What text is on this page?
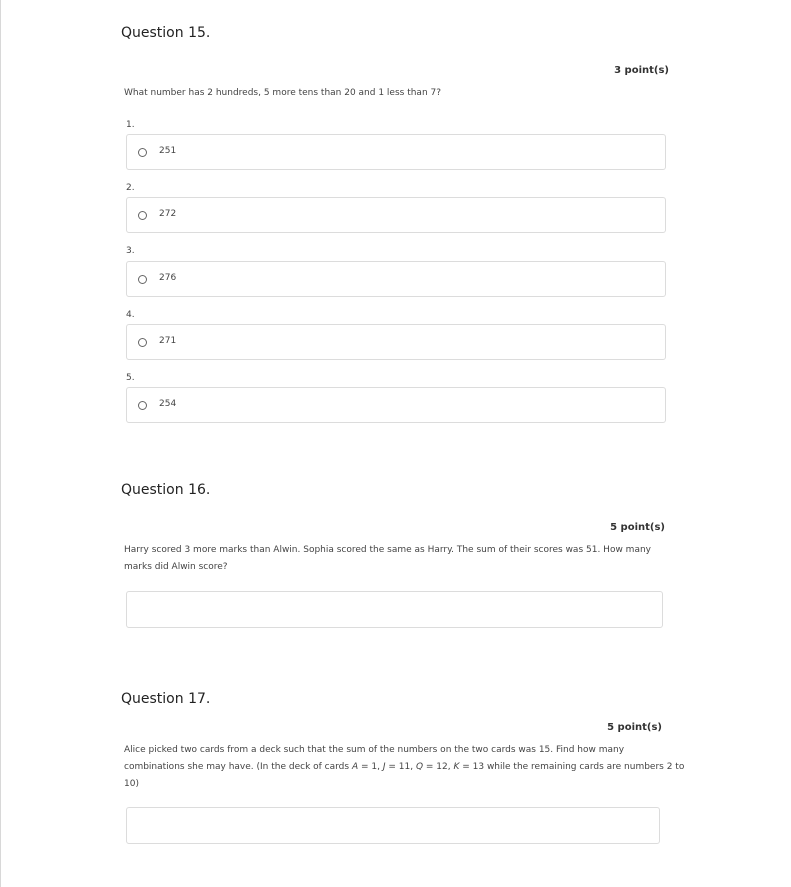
Question 15.
3 point(s)
What number has 2 hundreds, 5 more tens than 20 and 1 less than 7?
1.
251
2.
272
3.
276
4.
271
5.
254
Question 16.
5 point(s)
Harry scored 3 more marks than Alwin. Sophia scored the same as Harry. The sum of their scores was 51. How many
marks did Alwin score?
Question 17.
5 point(s)
Alice picked two cards from a deck such that the sum of the numbers on the two cards was 15. Find how many
combinations she may have. (In the deck of cards A = 1, J = 11, Q = 12, K = 13 while the remaining cards are numbers 2 to
10)
